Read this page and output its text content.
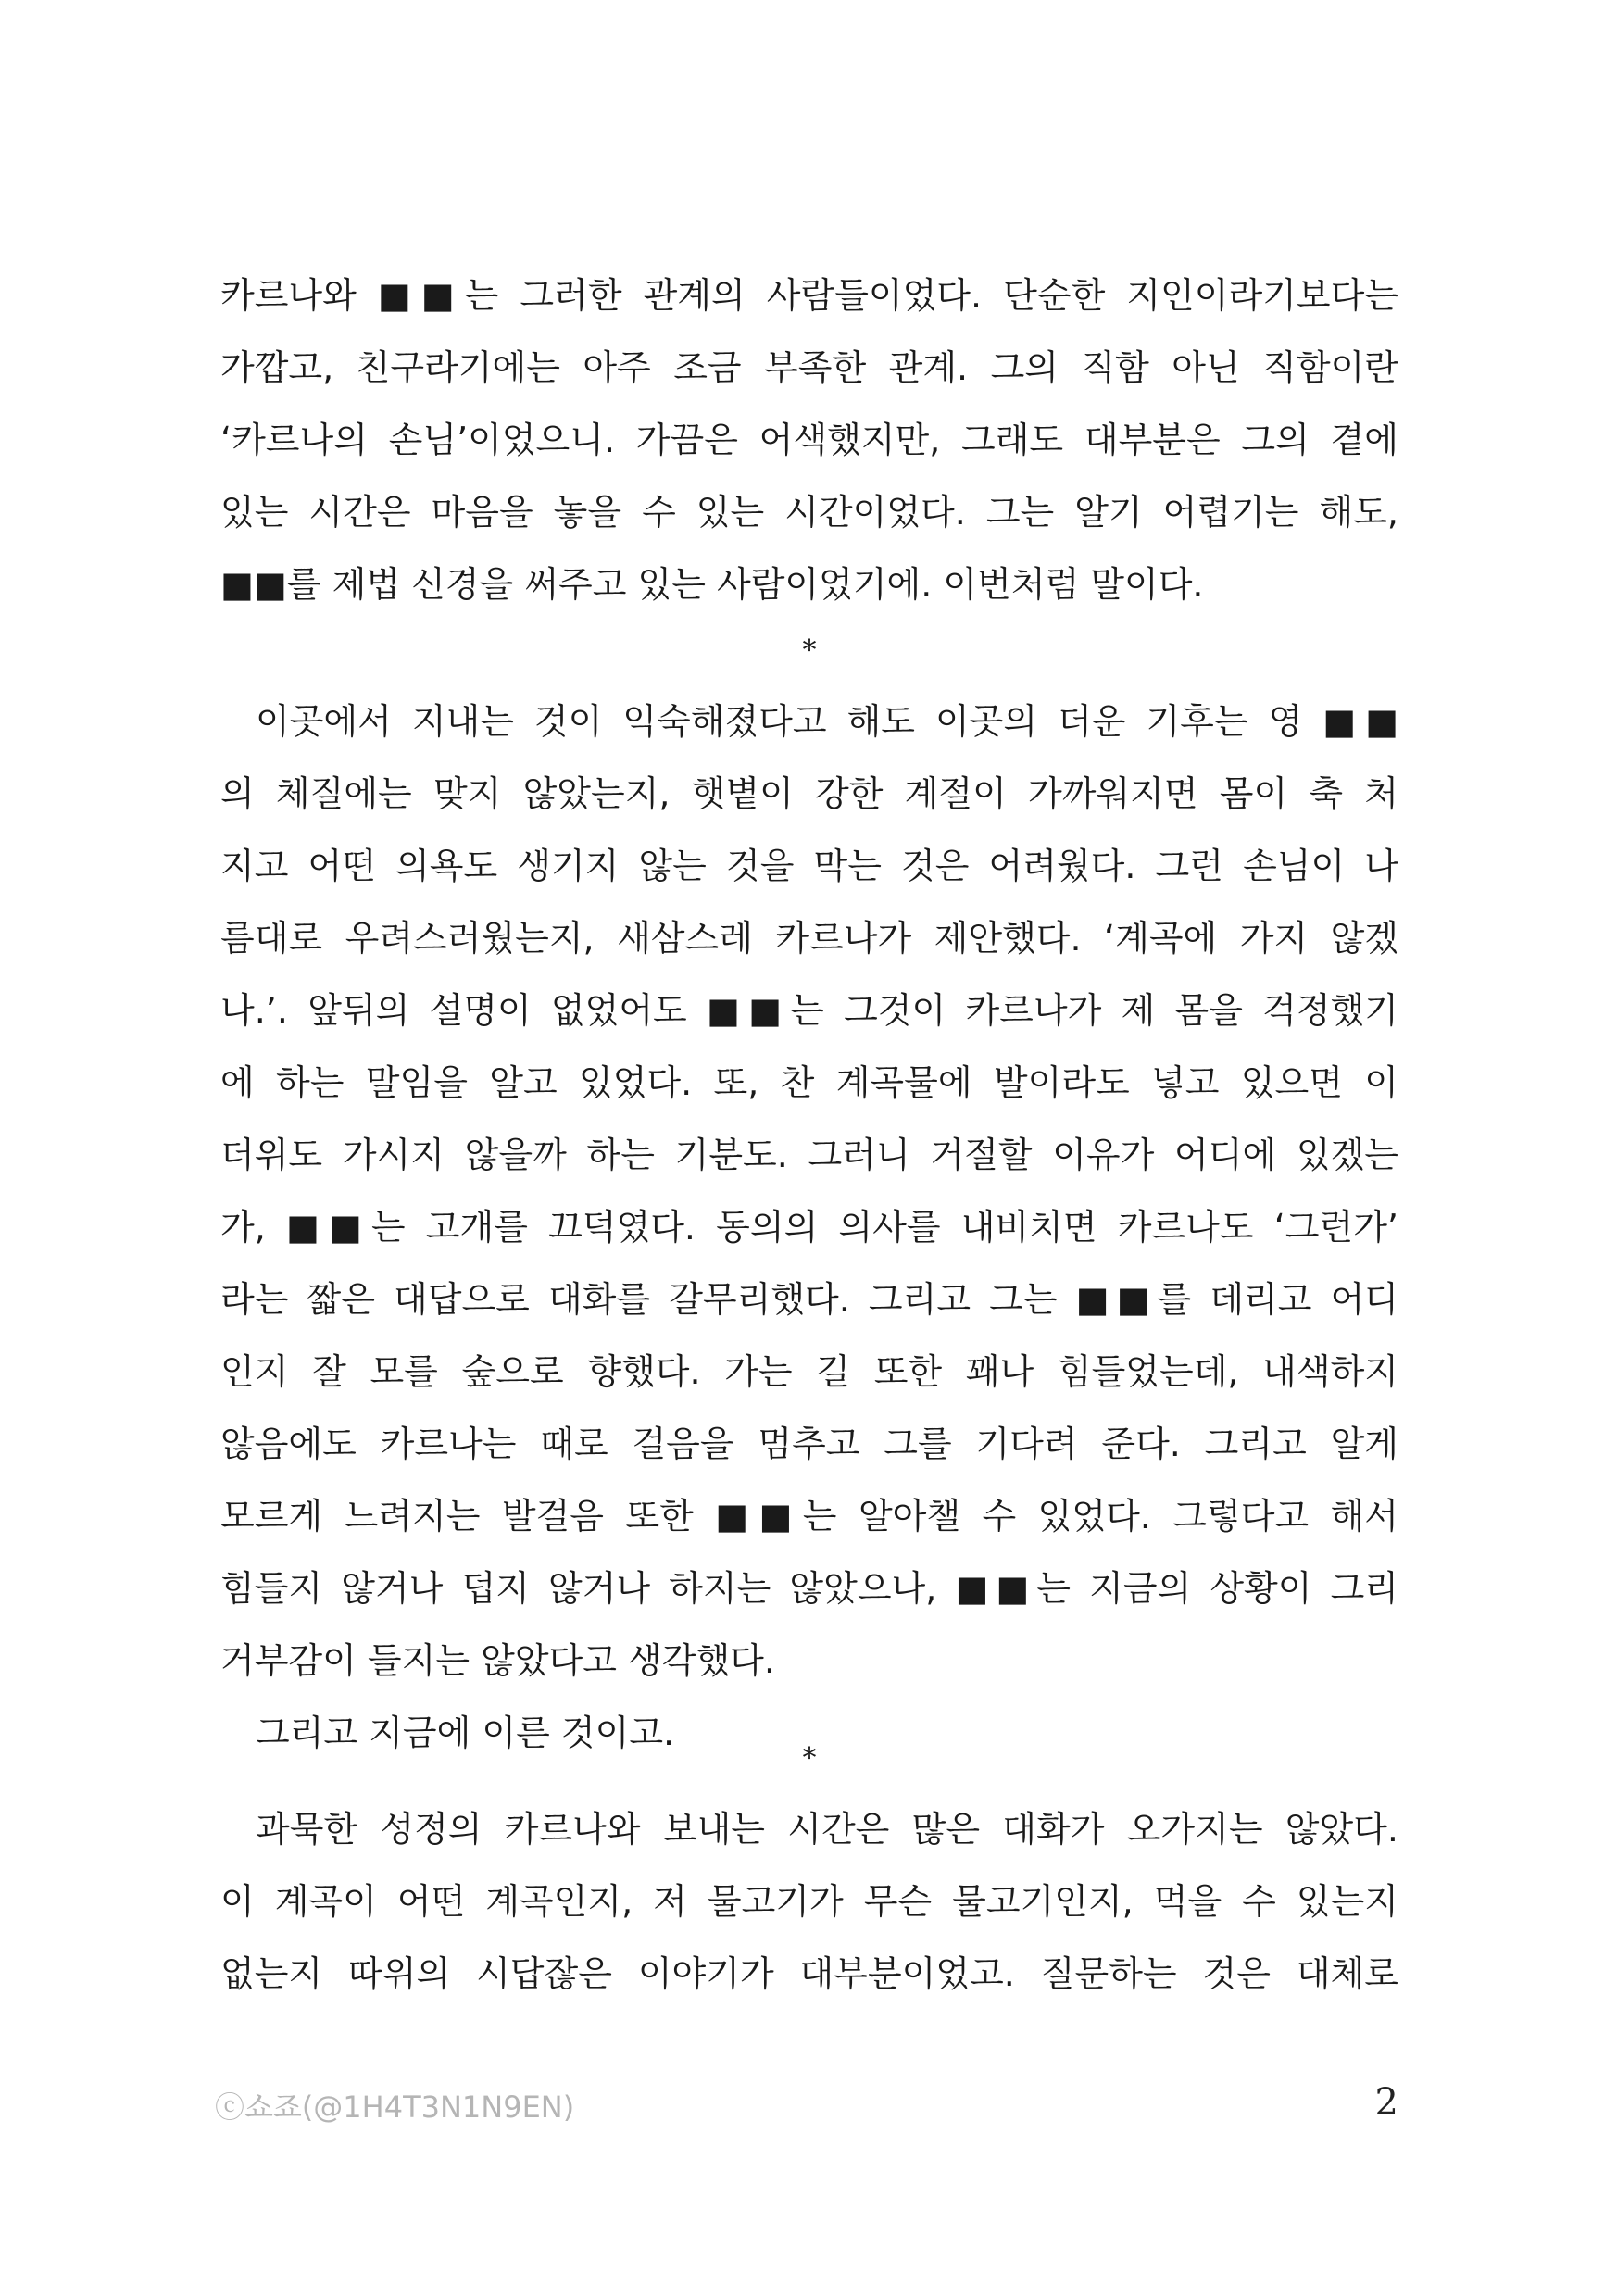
카르나와 ■■는 그러한 관계의 사람들이었다. 단순한 지인이라기보다는
가깝고, 친구라기에는 아주 조금 부족한 관계. 그의 직함 아닌 직함이란
‘카르나의 손님’이었으니. 가끔은 어색했지만, 그래도 대부분은 그의 곁에
있는 시간은 마음을 놓을 수 있는 시간이었다. 그는 알기 어렵기는 해도,
■■를 제법 신경을 써주고 있는 사람이었기에. 이번처럼 말이다.
*
이곳에서 지내는 것이 익숙해졌다고 해도 이곳의 더운 기후는 영 ■■
의 체질에는 맞지 않았는지, 햇볕이 강한 계절이 가까워지면 몸이 축 처
지고 어떤 의욕도 생기지 않는 것을 막는 것은 어려웠다. 그런 손님이 나
름대로 우려스러웠는지, 새삼스레 카르나가 제안했다. ‘계곡에 가지 않겠
나.’. 앞뒤의 설명이 없었어도 ■■는 그것이 카르나가 제 몸을 걱정했기
에 하는 말임을 알고 있었다. 또, 찬 계곡물에 발이라도 넣고 있으면 이
더위도 가시지 않을까 하는 기분도. 그러니 거절할 이유가 어디에 있겠는
가, ■■는 고개를 끄덕였다. 동의의 의사를 내비치면 카르나도 ‘그런가’
라는 짧은 대답으로 대화를 갈무리했다. 그리고 그는 ■■를 데리고 어디
인지 잘 모를 숲으로 향했다. 가는 길 또한 꽤나 힘들었는데, 내색하지
않음에도 카르나는 때로 걸음을 멈추고 그를 기다려 준다. 그리고 알게
모르게 느려지는 발걸음 또한 ■■는 알아챌 수 있었다. 그렇다고 해서
힘들지 않거나 덥지 않거나 하지는 않았으나, ■■는 지금의 상황이 그리
거부감이 들지는 않았다고 생각했다.
그리고 지금에 이른 것이고.
*
과묵한 성정의 카르나와 보내는 시간은 많은 대화가 오가지는 않았다.
이 계곡이 어떤 계곡인지, 저 물고기가 무슨 물고기인지, 먹을 수 있는지
없는지 따위의 시답잖은 이야기가 대부분이었고. 질문하는 것은 대체로
ⓒ쇼죠(@1H4T3N1N9EN)	2
